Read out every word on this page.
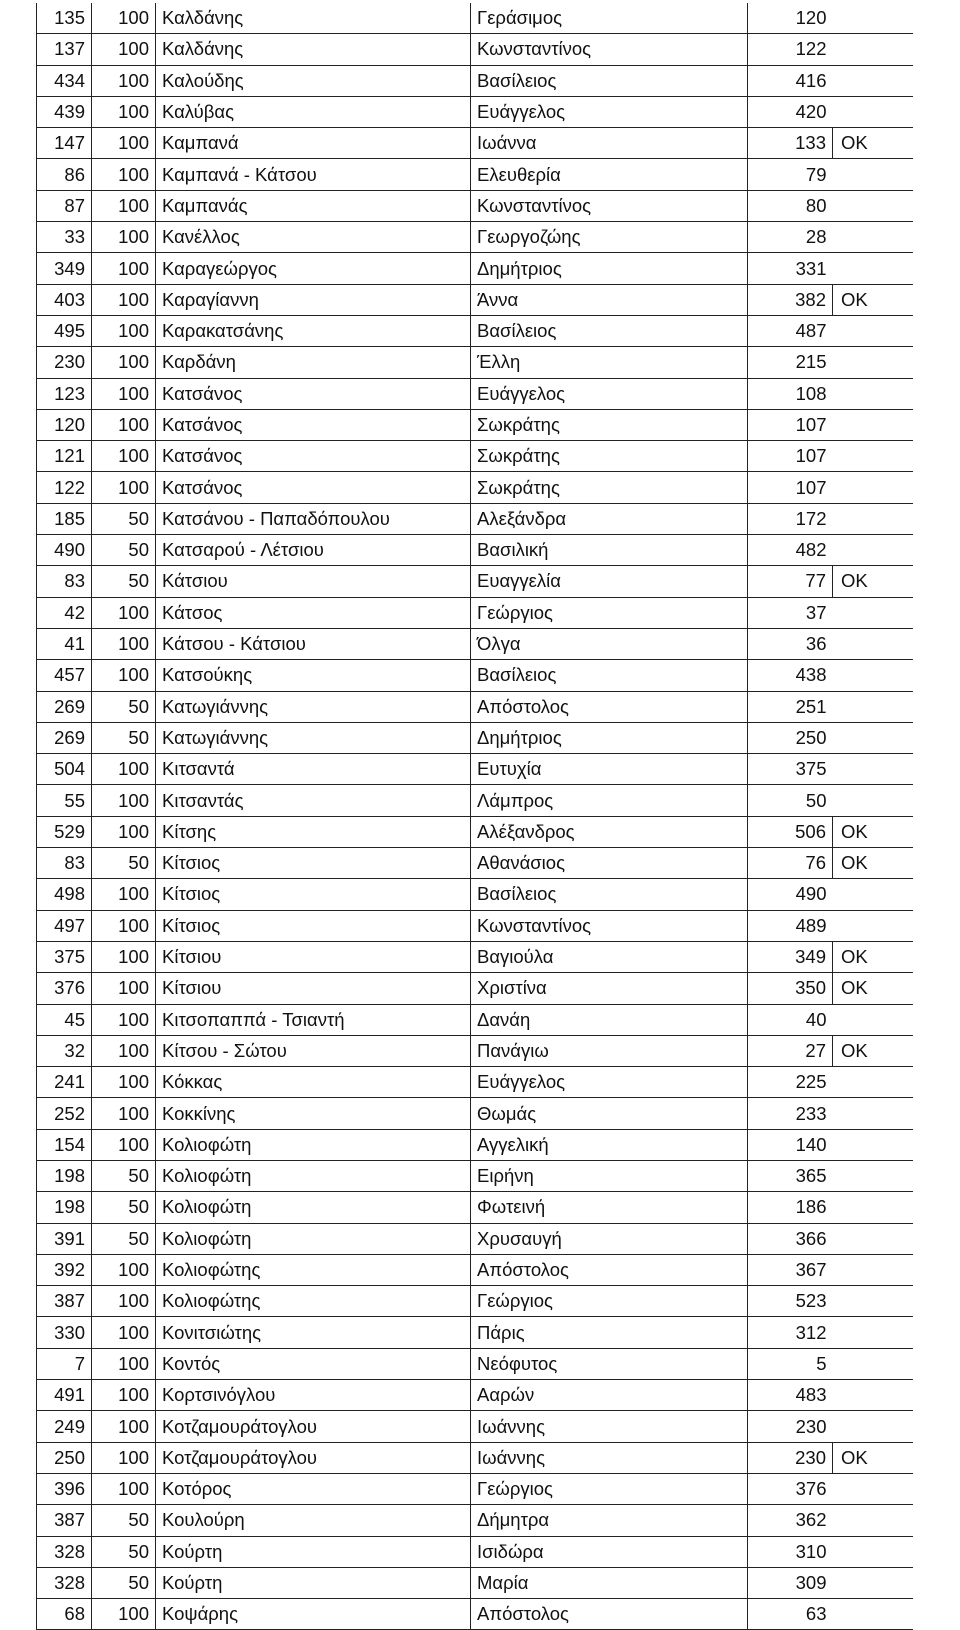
135	100	Καλδάνης	Γεράσιμος	120	
137	100	Καλδάνης	Κωνσταντίνος	122	
434	100	Καλούδης	Βασίλειος	416	
439	100	Καλύβας	Ευάγγελος	420	
147	100	Καμπανά	Ιωάννα	133	ΟΚ
86	100	Καμπανά - Κάτσου	Ελευθερία	79	
87	100	Καμπανάς	Κωνσταντίνος	80	
33	100	Κανέλλος	Γεωργοζώης	28	
349	100	Καραγεώργος	Δημήτριος	331	
403	100	Καραγίαννη	Άννα	382	ΟΚ
495	100	Καρακατσάνης	Βασίλειος	487	
230	100	Καρδάνη	Έλλη	215	
123	100	Κατσάνος	Ευάγγελος	108	
120	100	Κατσάνος	Σωκράτης	107	
121	100	Κατσάνος	Σωκράτης	107	
122	100	Κατσάνος	Σωκράτης	107	
185	50	Κατσάνου - Παπαδόπουλου	Αλεξάνδρα	172	
490	50	Κατσαρού - Λέτσιου	Βασιλική	482	
83	50	Κάτσιου	Ευαγγελία	77	ΟΚ
42	100	Κάτσος	Γεώργιος	37	
41	100	Κάτσου - Κάτσιου	Όλγα	36	
457	100	Κατσούκης	Βασίλειος	438	
269	50	Κατωγιάννης	Απόστολος	251	
269	50	Κατωγιάννης	Δημήτριος	250	
504	100	Κιτσαντά	Ευτυχία	375	
55	100	Κιτσαντάς	Λάμπρος	50	
529	100	Κίτσης	Αλέξανδρος	506	ΟΚ
83	50	Κίτσιος	Αθανάσιος	76	ΟΚ
498	100	Κίτσιος	Βασίλειος	490	
497	100	Κίτσιος	Κωνσταντίνος	489	
375	100	Κίτσιου	Βαγιούλα	349	ΟΚ
376	100	Κίτσιου	Χριστίνα	350	ΟΚ
45	100	Κιτσοπαππά - Τσιαντή	Δανάη	40	
32	100	Κίτσου - Σώτου	Πανάγιω	27	ΟΚ
241	100	Κόκκας	Ευάγγελος	225	
252	100	Κοκκίνης	Θωμάς	233	
154	100	Κολιοφώτη	Αγγελική	140	
198	50	Κολιοφώτη	Ειρήνη	365	
198	50	Κολιοφώτη	Φωτεινή	186	
391	50	Κολιοφώτη	Χρυσαυγή	366	
392	100	Κολιοφώτης	Απόστολος	367	
387	100	Κολιοφώτης	Γεώργιος	523	
330	100	Κονιτσιώτης	Πάρις	312	
7	100	Κοντός	Νεόφυτος	5	
491	100	Κορτσινόγλου	Ααρών	483	
249	100	Κοτζαμουράτογλου	Ιωάννης	230	
250	100	Κοτζαμουράτογλου	Ιωάννης	230	ΟΚ
396	100	Κοτόρος	Γεώργιος	376	
387	50	Κουλούρη	Δήμητρα	362	
328	50	Κούρτη	Ισιδώρα	310	
328	50	Κούρτη	Μαρία	309	
68	100	Κοψάρης	Απόστολος	63	
